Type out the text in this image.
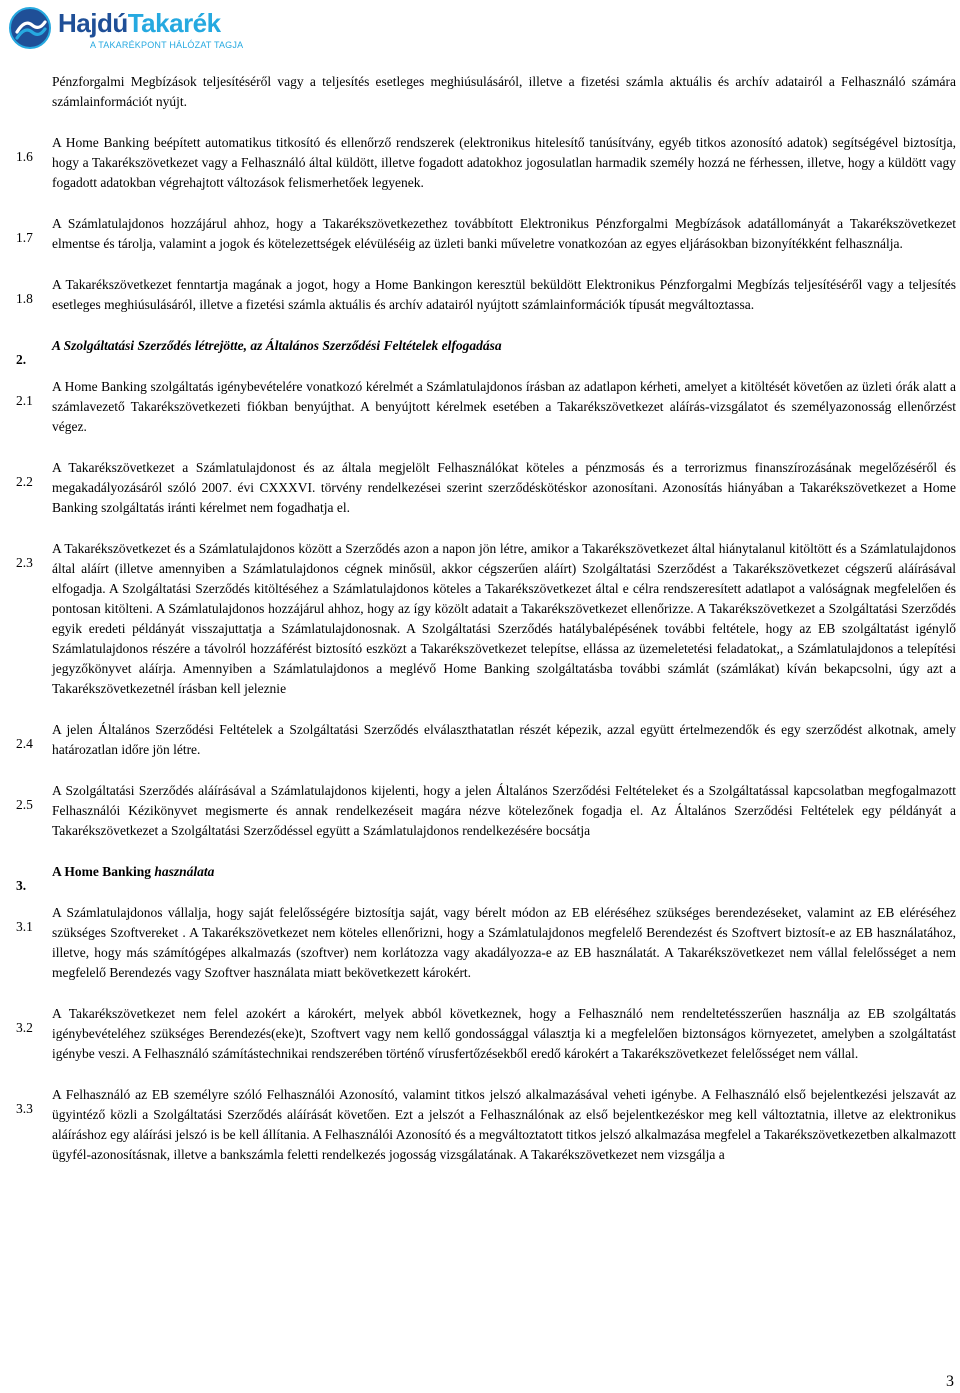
HajdúTakarék
A TAKARÉKPONT HÁLÓZAT TAGJA

Pénzforgalmi Megbízások teljesítéséről vagy a teljesítés esetleges meghiúsulásáról, illetve a fizetési számla aktuális és archív adatairól a Felhasználó számára számlainformációt nyújt.

1.6
A Home Banking beépített automatikus titkosító és ellenőrző rendszerek (elektronikus hitelesítő tanúsítvány, egyéb titkos azonosító adatok) segítségével biztosítja, hogy a Takarékszövetkezet vagy a Felhasználó által küldött, illetve fogadott adatokhoz jogosulatlan harmadik személy hozzá ne férhessen, illetve, hogy a küldött vagy fogadott adatokban végrehajtott változások felismerhetőek legyenek.

1.7
A Számlatulajdonos hozzájárul ahhoz, hogy a Takarékszövetkezethez továbbított Elektronikus Pénzforgalmi Megbízások adatállományát a Takarékszövetkezet elmentse és tárolja, valamint a jogok és kötelezettségek elévüléséig az üzleti banki műveletre vonatkozóan az egyes eljárásokban bizonyítékként felhasználja.

1.8
A Takarékszövetkezet fenntartja magának a jogot, hogy a Home Bankingon keresztül beküldött Elektronikus Pénzforgalmi Megbízás teljesítéséről vagy a teljesítés esetleges meghiúsulásáról, illetve a fizetési számla aktuális és archív adatairól nyújtott számlainformációk típusát megváltoztassa.

2.
A Szolgáltatási Szerződés létrejötte, az Általános Szerződési Feltételek elfogadása

2.1
A Home Banking szolgáltatás igénybevételére vonatkozó kérelmét a Számlatulajdonos írásban az adatlapon kérheti, amelyet a kitöltését követően az üzleti órák alatt a számlavezető Takarékszövetkezeti fiókban benyújthat. A benyújtott kérelmek esetében a Takarékszövetkezet aláírás-vizsgálatot és személyazonosság ellenőrzést végez.

2.2
A Takarékszövetkezet a Számlatulajdonost és az általa megjelölt Felhasználókat köteles a pénzmosás és a terrorizmus finanszírozásának megelőzéséről és megakadályozásáról szóló 2007. évi CXXXVI. törvény rendelkezései szerint szerződéskötéskor azonosítani. Azonosítás hiányában a Takarékszövetkezet a Home Banking szolgáltatás iránti kérelmet nem fogadhatja el.

2.3
A Takarékszövetkezet és a Számlatulajdonos között a Szerződés azon a napon jön létre, amikor a Takarékszövetkezet által hiánytalanul kitöltött és a Számlatulajdonos által aláírt (illetve amennyiben a Számlatulajdonos cégnek minősül, akkor cégszerűen aláírt) Szolgáltatási Szerződést a Takarékszövetkezet cégszerű aláírásával elfogadja. A Szolgáltatási Szerződés kitöltéséhez a Számlatulajdonos köteles a Takarékszövetkezet által e célra rendszeresített adatlapot a valóságnak megfelelően és pontosan kitölteni. A Számlatulajdonos hozzájárul ahhoz, hogy az így közölt adatait a Takarékszövetkezet ellenőrizze. A Takarékszövetkezet a Szolgáltatási Szerződés egyik eredeti példányát visszajuttatja a Számlatulajdonosnak. A Szolgáltatási Szerződés hatálybalépésének további feltétele, hogy az EB szolgáltatást igénylő Számlatulajdonos részére a távolról hozzáférést biztosító eszközt a Takarékszövetkezet telepítse, ellássa az üzemeletetési feladatokat,, a Számlatulajdonos a telepítési jegyzőkönyvet aláírja. Amennyiben a Számlatulajdonos a meglévő Home Banking szolgáltatásba további számlát (számlákat) kíván bekapcsolni, úgy azt a Takarékszövetkezetnél írásban kell jeleznie

2.4
A jelen Általános Szerződési Feltételek a Szolgáltatási Szerződés elválaszthatatlan részét képezik, azzal együtt értelmezendők és egy szerződést alkotnak, amely határozatlan időre jön létre.

2.5
A Szolgáltatási Szerződés aláírásával a Számlatulajdonos kijelenti, hogy a jelen Általános Szerződési Feltételeket és a Szolgáltatással kapcsolatban megfogalmazott Felhasználói Kézikönyvet megismerte és annak rendelkezéseit magára nézve kötelezőnek fogadja el. Az Általános Szerződési Feltételek egy példányát a Takarékszövetkezet a Szolgáltatási Szerződéssel együtt a Számlatulajdonos rendelkezésére bocsátja

3.
A Home Banking használata

3.1
A Számlatulajdonos vállalja, hogy saját felelősségére biztosítja saját, vagy bérelt módon az EB eléréséhez szükséges berendezéseket, valamint az EB eléréséhez szükséges Szoftvereket . A Takarékszövetkezet nem köteles ellenőrizni, hogy a Számlatulajdonos megfelelő Berendezést és Szoftvert biztosít-e az EB használatához, illetve, hogy más számítógépes alkalmazás (szoftver) nem korlátozza vagy akadályozza-e az EB használatát. A Takarékszövetkezet nem vállal felelősséget a nem megfelelő Berendezés vagy Szoftver használata miatt bekövetkezett károkért.

3.2
A Takarékszövetkezet nem felel azokért a károkért, melyek abból következnek, hogy a Felhasználó nem rendeltetésszerűen használja az EB szolgáltatás igénybevételéhez szükséges Berendezés(eke)t, Szoftvert vagy nem kellő gondossággal választja ki a megfelelően biztonságos környezetet, amelyben a szolgáltatást igénybe veszi. A Felhasználó számítástechnikai rendszerében történő vírusfertőzésekből eredő károkért a Takarékszövetkezet felelősséget nem vállal.

3.3
A Felhasználó az EB személyre szóló Felhasználói Azonosító, valamint titkos jelszó alkalmazásával veheti igénybe. A Felhasználó első bejelentkezési jelszavát az ügyintéző közli a Szolgáltatási Szerződés aláírását követően. Ezt a jelszót a Felhasználónak az első bejelentkezéskor meg kell változtatnia, illetve az elektronikus aláíráshoz egy aláírási jelszó is be kell állítania. A Felhasználói Azonosító és a megváltoztatott titkos jelszó alkalmazása megfelel a Takarékszövetkezetben alkalmazott ügyfél-azonosításnak, illetve a bankszámla feletti rendelkezés jogosság vizsgálatának. A Takarékszövetkezet nem vizsgálja a

3
